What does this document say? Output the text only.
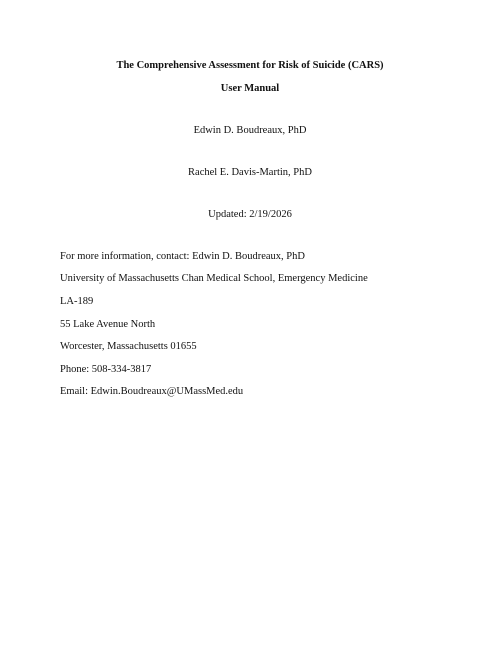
The Comprehensive Assessment for Risk of Suicide (CARS)
User Manual
Edwin D. Boudreaux, PhD
Rachel E. Davis-Martin, PhD
Updated: 2/19/2026
For more information, contact: Edwin D. Boudreaux, PhD
University of Massachusetts Chan Medical School, Emergency Medicine
LA-189
55 Lake Avenue North
Worcester, Massachusetts 01655
Phone: 508-334-3817
Email: Edwin.Boudreaux@UMassMed.edu
